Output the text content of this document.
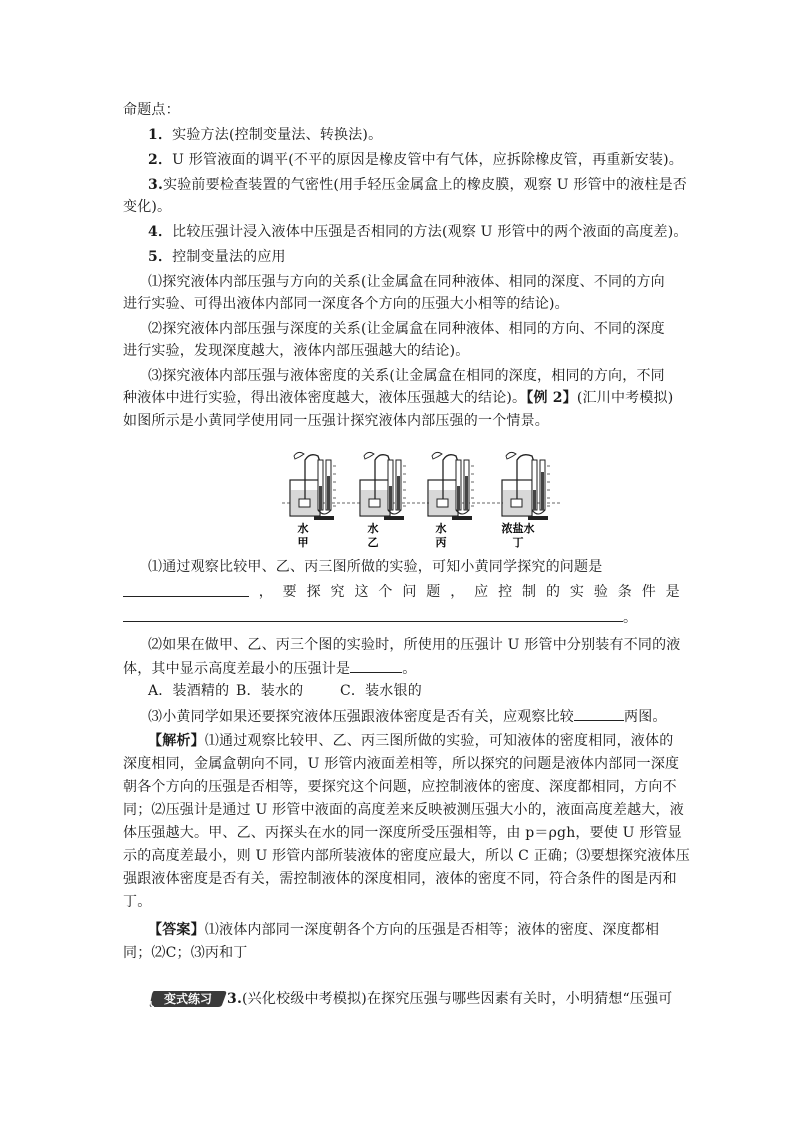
命题点：
1．实验方法(控制变量法、转换法)。
2．U 形管液面的调平(不平的原因是橡皮管中有气体，应拆除橡皮管，再重新安装)。
3.实验前要检查装置的气密性(用手轻压金属盒上的橡皮膜，观察 U 形管中的液柱是否
变化)。
4．比较压强计浸入液体中压强是否相同的方法(观察 U 形管中的两个液面的高度差)。
5．控制变量法的应用
⑴探究液体内部压强与方向的关系(让金属盒在同种液体、相同的深度、不同的方向
进行实验、可得出液体内部同一深度各个方向的压强大小相等的结论)。
⑵探究液体内部压强与深度的关系(让金属盒在同种液体、相同的方向、不同的深度
进行实验，发现深度越大，液体内部压强越大的结论)。
⑶探究液体内部压强与液体密度的关系(让金属盒在相同的深度，相同的方向，不同
种液体中进行实验，得出液体密度越大，液体压强越大的结论)。【例 2】(汇川中考模拟)
如图所示是小黄同学使用同一压强计探究液体内部压强的一个情景。
水
甲
水
乙
水
丙
浓盐水
丁
⑴通过观察比较甲、乙、丙三图所做的实验，可知小黄同学探究的问题是
， 要 探 究 这 个 问 题 ， 应 控 制 的 实 验 条 件 是
。
⑵如果在做甲、乙、丙三个图的实验时，所使用的压强计 U 形管中分别装有不同的液
体，其中显示高度差最小的压强计是	。
A．装酒精的 B．装水的	C．装水银的
⑶小黄同学如果还要探究液体压强跟液体密度是否有关，应观察比较	两图。
【解析】⑴通过观察比较甲、乙、丙三图所做的实验，可知液体的密度相同，液体的
深度相同，金属盒朝向不同，U 形管内液面差相等，所以探究的问题是液体内部同一深度
朝各个方向的压强是否相等，要探究这个问题，应控制液体的密度、深度都相同，方向不
同；⑵压强计是通过 U 形管中液面的高度差来反映被测压强大小的，液面高度差越大，液
体压强越大。甲、乙、丙探头在水的同一深度所受压强相等，由 p＝ρgh，要使 U 形管显
示的高度差最小，则 U 形管内部所装液体的密度应最大，所以 C 正确；⑶要想探究液体压
强跟液体密度是否有关，需控制液体的深度相同，液体的密度不同，符合条件的图是丙和
丁。
【答案】⑴液体内部同一深度朝各个方向的压强是否相等；液体的密度、深度都相
同；⑵C；⑶丙和丁
变式练习	3.(兴化校级中考模拟)在探究压强与哪些因素有关时，小明猜想“压强可
